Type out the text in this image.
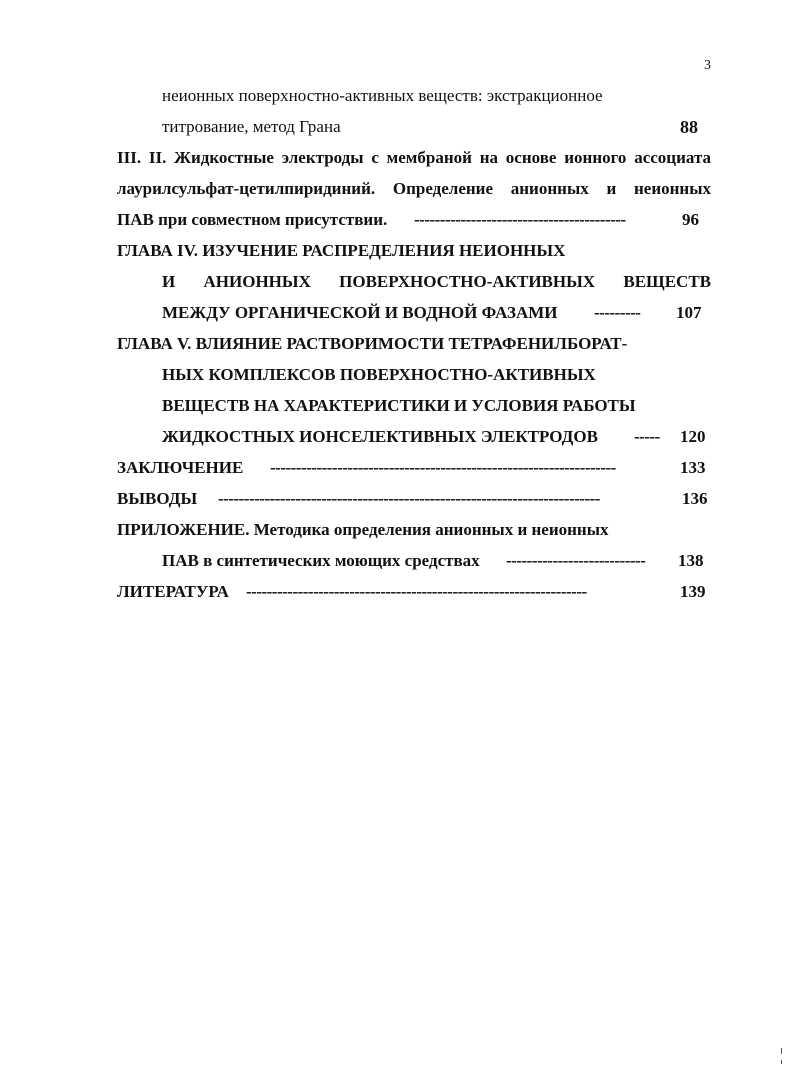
3
неионных поверхностно-активных веществ: экстракционное
титрование, метод Грана	88
III. II. Жидкостные электроды с мембраной на основе ионного ассоциата
лаурилсульфат-цетилпиридиний. Определение анионных и неионных
ПАВ при совместном присутствии. -----------------------------------------	96
ГЛАВА IV. ИЗУЧЕНИЕ РАСПРЕДЕЛЕНИЯ НЕИОННЫХ
И АНИОННЫХ ПОВЕРХНОСТНО-АКТИВНЫХ ВЕЩЕСТВ
МЕЖДУ ОРГАНИЧЕСКОЙ И ВОДНОЙ ФАЗАМИ ---------	107
ГЛАВА V. ВЛИЯНИЕ РАСТВОРИМОСТИ ТЕТРАФЕНИЛБОРАТ-
НЫХ КОМПЛЕКСОВ ПОВЕРХНОСТНО-АКТИВНЫХ
ВЕЩЕСТВ НА ХАРАКТЕРИСТИКИ И УСЛОВИЯ РАБОТЫ
ЖИДКОСТНЫХ ИОНСЕЛЕКТИВНЫХ ЭЛЕКТРОДОВ -----	120
ЗАКЛЮЧЕНИЕ -------------------------------------------------------------------	133
ВЫВОДЫ --------------------------------------------------------------------------	136
ПРИЛОЖЕНИЕ. Методика определения анионных и неионных
ПАВ в синтетических моющих средствах ---------------------------	138
ЛИТЕРАТУРА ------------------------------------------------------------------	139
